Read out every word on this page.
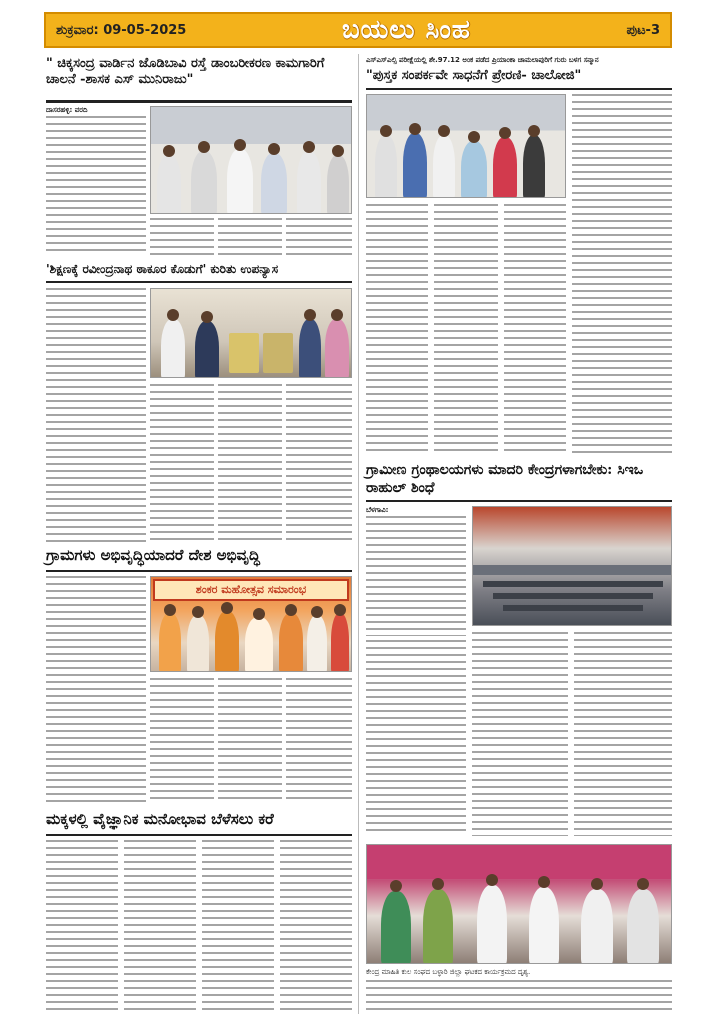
ಶುಕ್ರವಾರ: 09-05-2025	ಬಯಲು ಸಿಂಹ	ಪುಟ-3
" ಚಿಕ್ಕಸಂದ್ರ ವಾರ್ಡಿನ ಜೊಡಿಬಾವಿ ರಸ್ತೆ ಡಾಂಬರೀಕರಣ ಕಾಮಗಾರಿಗೆ ಚಾಲನೆ -ಶಾಸಕ ಎಸ್ ಮುನಿರಾಜು"
ದಾಸರಹಳ್ಳಿ: ವರದಿ
'ಶಿಕ್ಷಣಕ್ಕೆ ರವೀಂದ್ರನಾಥ ಠಾಕೂರ ಕೊಡುಗೆ' ಕುರಿತು ಉಪನ್ಯಾಸ
ಗ್ರಾಮಗಳು ಅಭಿವೃದ್ಧಿಯಾದರೆ ದೇಶ ಅಭಿವೃದ್ಧಿ
ಶಂಕರ ಮಹೋತ್ಸವ ಸಮಾರಂಭ
ಮಕ್ಕಳಲ್ಲಿ ವೈಜ್ಞಾನಿಕ ಮನೋಭಾವ ಬೆಳೆಸಲು ಕರೆ
ಎಸ್ಎಸ್ಎಲ್ಸಿ ಪರೀಕ್ಷೆಯಲ್ಲಿ ಶೇ.97.12 ಅಂಕ ಪಡೆದ ಪ್ರಿಯಾಂಕಾ ಚಾಮಲಾಪುರಿಗೆ ಗುರು ಬಳಗ ಸನ್ಮಾನ
"ಪುಸ್ತಕ ಸಂಪರ್ಕವೇ ಸಾಧನೆಗೆ ಪ್ರೇರಣಿ- ಚಾಲೋಜಿ"
ಗ್ರಾಮೀಣ ಗ್ರಂಥಾಲಯಗಳು ಮಾದರಿ ಕೇಂದ್ರಗಳಾಗಬೇಕು: ಸಿಇಒ ರಾಹುಲ್ ಶಿಂಧೆ
ಬೆಳಗಾವಿ:
ಕೇಂದ್ರ ಮಾಹಿತಿ ಕುಲ ಸಂಘದ ಬಳ್ಳಾರಿ ಜಿಲ್ಲಾ ಘಟಕದ ಕಾರ್ಯಕ್ರಮದ ದೃಶ್ಯ.
